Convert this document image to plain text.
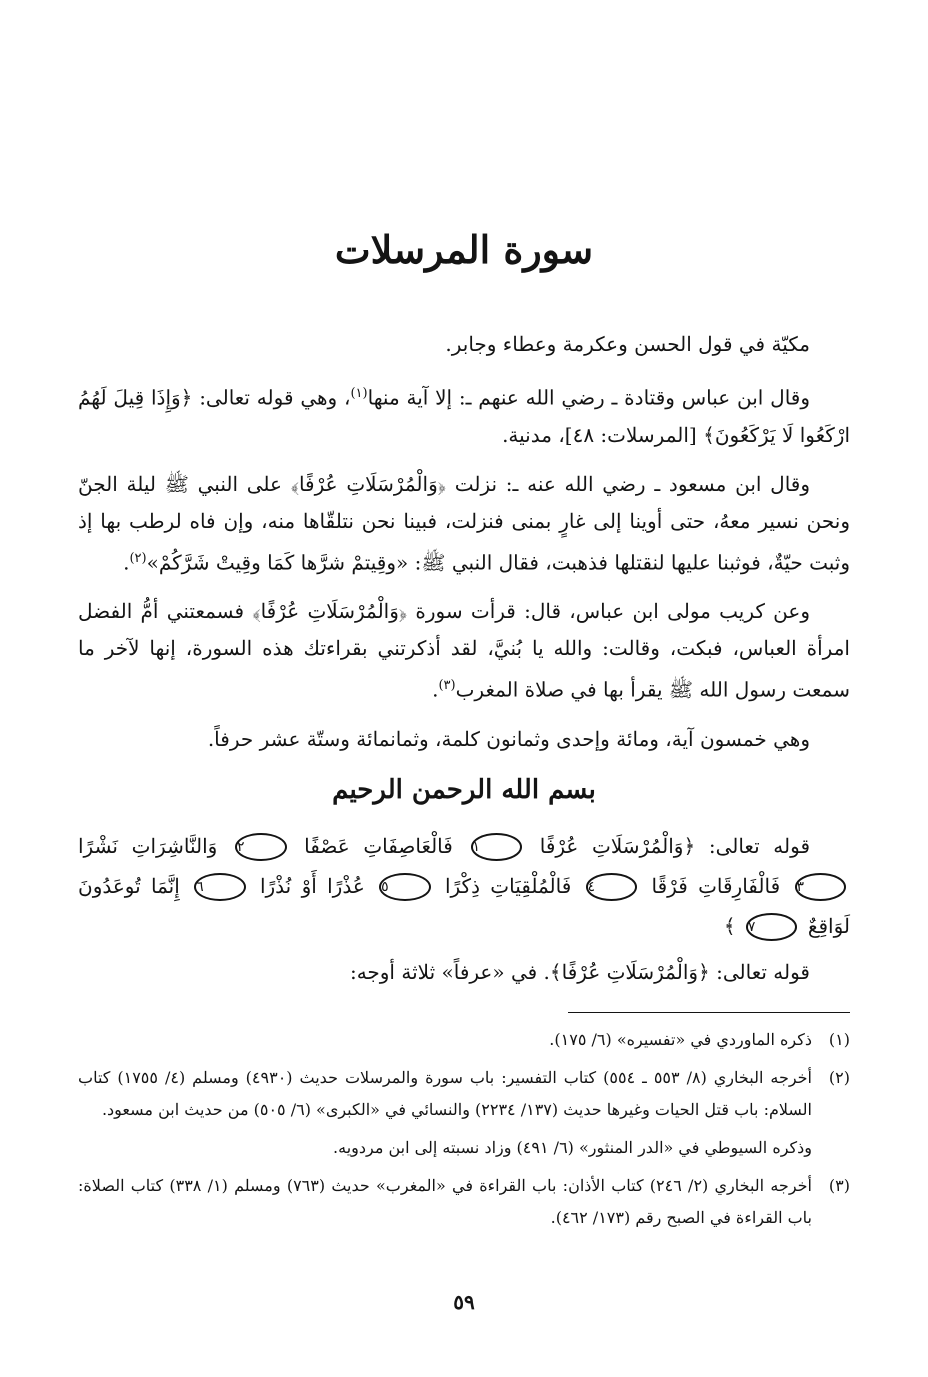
سورة المرسلات

مكيّة في قول الحسن وعكرمة وعطاء وجابر.

وقال ابن عباس وقتادة ـ رضي الله عنهم ـ: إلا آية منها$^{(١)}$، وهي قوله تعالى: ﴿وَإِذَا قِيلَ لَهُمُ ارْكَعُوا لَا يَرْكَعُونَ﴾ [المرسلات: ٤٨]، مدنية.

وقال ابن مسعود ـ رضي الله عنه ـ: نزلت ﴿وَالْمُرْسَلَاتِ عُرْفًا﴾ على النبي ﷺ ليلة الجنّ ونحن نسير معهُ، حتى أوينا إلى غارٍ بمنى فنزلت، فبينا نحن نتلقّاها منه، وإن فاه لرطب بها إذ وثبت حيّةٌ، فوثبنا عليها لنقتلها فذهبت، فقال النبي ﷺ: «وقِيتمْ شرَّها كَمَا وقِيتْ شَرَّكُمْ»$^{(٢)}$.

وعن كريب مولى ابن عباس، قال: قرأت سورة ﴿وَالْمُرْسَلَاتِ عُرْفًا﴾ فسمعتني أمُّ الفضل امرأة العباس، فبكت، وقالت: والله يا بُنيَّ، لقد أذكرتني بقراءتك هذه السورة، إنها لآخر ما سمعت رسول الله ﷺ يقرأ بها في صلاة المغرب$^{(٣)}$.

وهي خمسون آية، ومائة وإحدى وثمانون كلمة، وثمانمائة وستّة عشر حرفاً.

بسم الله الرحمن الرحيم
قوله تعالى: ﴿وَالْمُرْسَلَاتِ عُرْفًا ١ فَالْعَاصِفَاتِ عَصْفًا ٢ وَالنَّاشِرَاتِ نَشْرًا ٣ فَالْفَارِقَاتِ فَرْقًا ٤ فَالْمُلْقِيَاتِ ذِكْرًا ٥ عُذْرًا أَوْ نُذْرًا ٦ إِنَّمَا تُوعَدُونَ لَوَاقِعٌ ٧ ﴾

قوله تعالى: ﴿وَالْمُرْسَلَاتِ عُرْفًا﴾. في «عرفاً» ثلاثة أوجه:

(١)
ذكره الماوردي في «تفسيره» (٦/ ١٧٥).
(٢)
أخرجه البخاري (٨/ ٥٥٣ ـ ٥٥٤) كتاب التفسير: باب سورة والمرسلات حديث (٤٩٣٠) ومسلم (٤/ ١٧٥٥) كتاب السلام: باب قتل الحيات وغيرها حديث (١٣٧/ ٢٢٣٤) والنسائي في «الكبرى» (٦/ ٥٠٥) من حديث ابن مسعود.
وذكره السيوطي في «الدر المنثور» (٦/ ٤٩١) وزاد نسبته إلى ابن مردويه.
(٣)
أخرجه البخاري (٢/ ٢٤٦) كتاب الأذان: باب القراءة في «المغرب» حديث (٧٦٣) ومسلم (١/ ٣٣٨) كتاب الصلاة: باب القراءة في الصبح رقم (١٧٣/ ٤٦٢).
٥٩
